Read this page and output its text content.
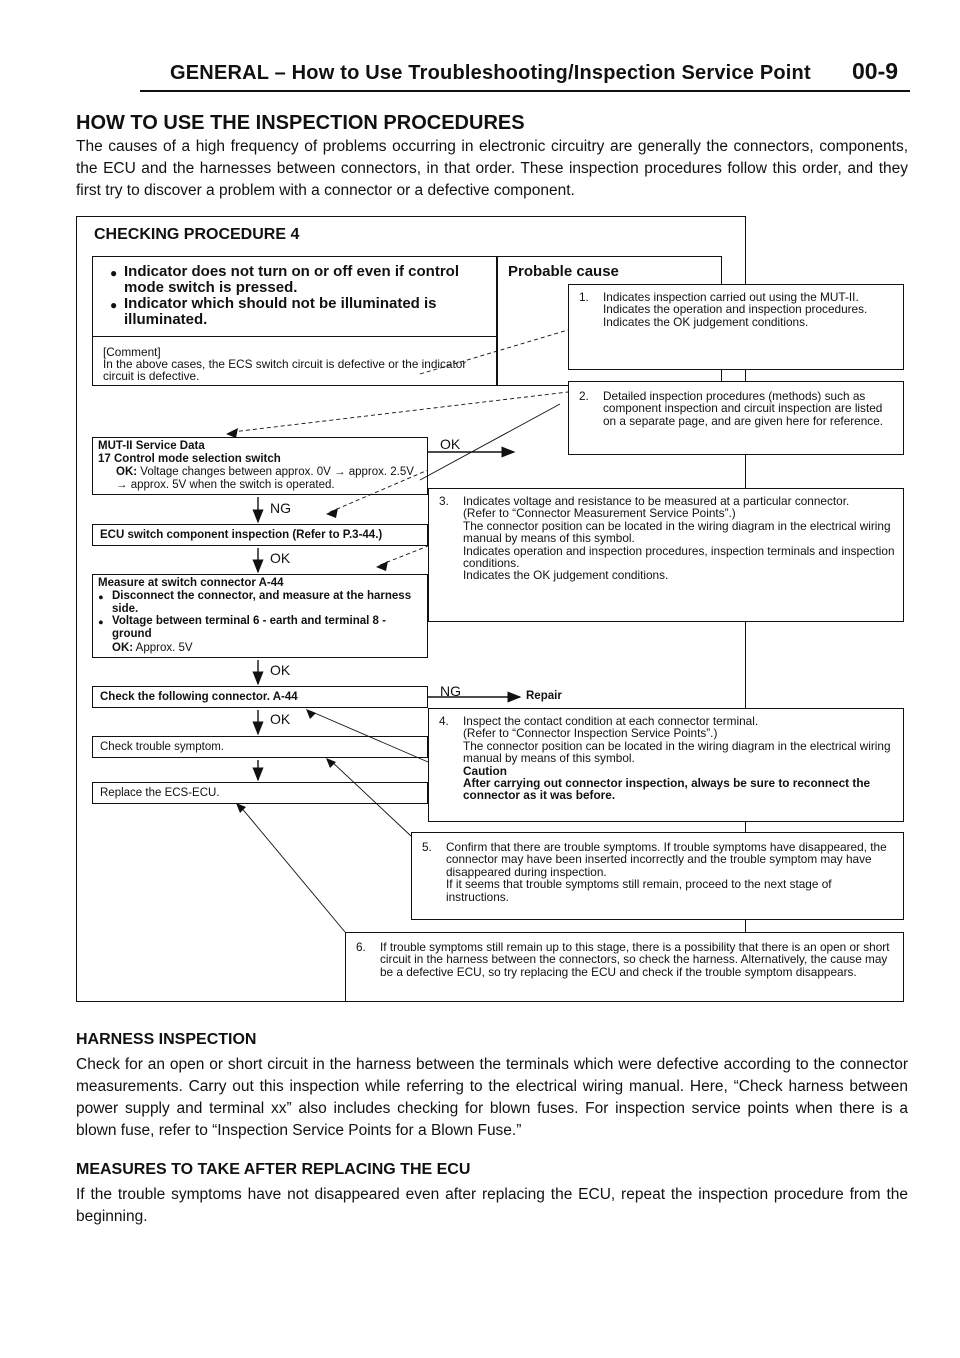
GENERAL – How to Use Troubleshooting/Inspection Service Point 00-9
HOW TO USE THE INSPECTION PROCEDURES
The causes of a high frequency of problems occurring in electronic circuitry are generally the connectors, components, the ECU and the harnesses between connectors, in that order. These inspection procedures follow this order, and they first try to discover a problem with a connector or a defective component.
CHECKING PROCEDURE 4
● Indicator does not turn on or off even if control mode switch is pressed.
● Indicator which should not be illuminated is illuminated.
Probable cause
[Comment]
In the above cases, the ECS switch circuit is defective or the indicator circuit is defective.
MUT-II Service Data
17 Control mode selection switch
OK: Voltage changes between approx. 0V → approx. 2.5V → approx. 5V when the switch is operated.
ECU switch component inspection (Refer to P.3-44.)
Measure at switch connector A-44
● Disconnect the connector, and measure at the harness side.
● Voltage between terminal 6 - earth and terminal 8 - ground
OK: Approx. 5V
Check the following connector. A-44
Check trouble symptom.
Replace the ECS-ECU.
OK
NG
OK
OK
NG	Repair
OK
1. Indicates inspection carried out using the MUT-II.
Indicates the operation and inspection procedures.
Indicates the OK judgement conditions.
2. Detailed inspection procedures (methods) such as component inspection and circuit inspection are listed on a separate page, and are given here for reference.
3. Indicates voltage and resistance to be measured at a particular connector.
(Refer to “Connector Measurement Service Points”.)
The connector position can be located in the wiring diagram in the electrical wiring manual by means of this symbol.
Indicates operation and inspection procedures, inspection terminals and inspection conditions.
Indicates the OK judgement conditions.
4. Inspect the contact condition at each connector terminal.
(Refer to “Connector Inspection Service Points”.)
The connector position can be located in the wiring diagram in the electrical wiring manual by means of this symbol.
Caution
After carrying out connector inspection, always be sure to reconnect the connector as it was before.
5. Confirm that there are trouble symptoms. If trouble symptoms have disappeared, the connector may have been inserted incorrectly and the trouble symptom may have disappeared during inspection.
If it seems that trouble symptoms still remain, proceed to the next stage of instructions.
6. If trouble symptoms still remain up to this stage, there is a possibility that there is an open or short circuit in the harness between the connectors, so check the harness. Alternatively, the cause may be a defective ECU, so try replacing the ECU and check if the trouble symptom disappears.
HARNESS INSPECTION
Check for an open or short circuit in the harness between the terminals which were defective according to the connector measurements. Carry out this inspection while referring to the electrical wiring manual. Here, “Check harness between power supply and terminal xx” also includes checking for blown fuses. For inspection service points when there is a blown fuse, refer to “Inspection Service Points for a Blown Fuse.”
MEASURES TO TAKE AFTER REPLACING THE ECU
If the trouble symptoms have not disappeared even after replacing the ECU, repeat the inspection procedure from the beginning.
